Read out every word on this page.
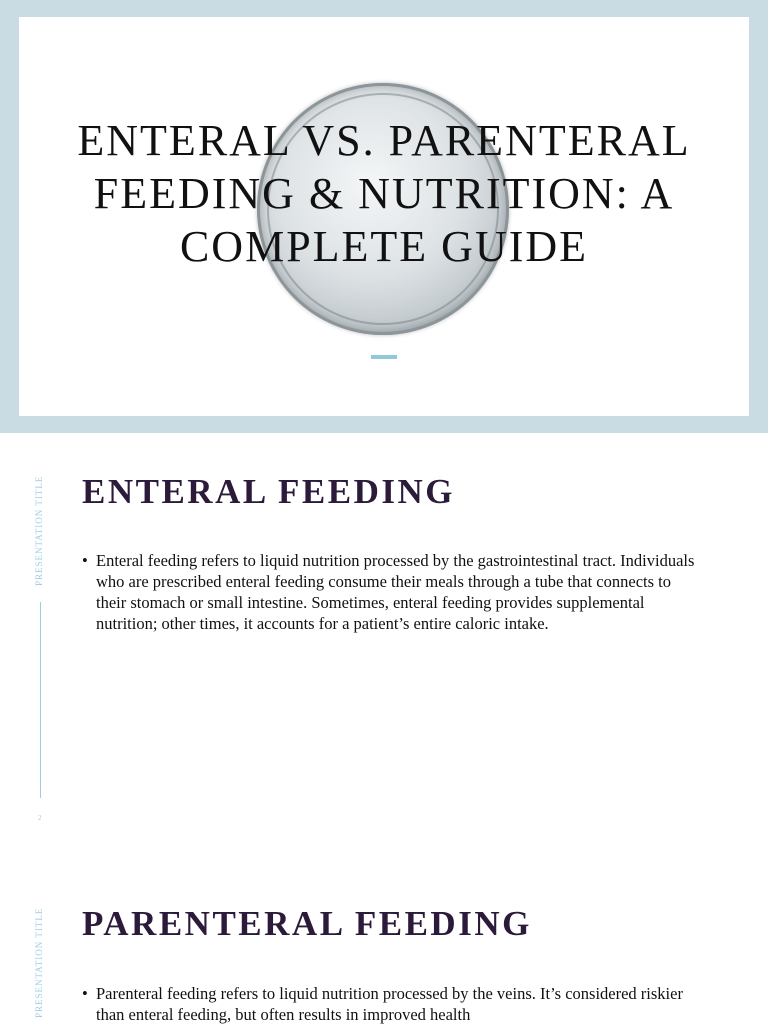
ENTERAL VS. PARENTERAL FEEDING & NUTRITION: A COMPLETE GUIDE
PRESENTATION TITLE
2
ENTERAL FEEDING
• Enteral feeding refers to liquid nutrition processed by the gastrointestinal tract. Individuals who are prescribed enteral feeding consume their meals through a tube that connects to their stomach or small intestine. Sometimes, enteral feeding provides supplemental nutrition; other times, it accounts for a patient’s entire caloric intake.
PRESENTATION TITLE PARENTERAL FEEDING
• Parenteral feeding refers to liquid nutrition processed by the veins. It’s considered riskier than enteral feeding, but often results in improved health
